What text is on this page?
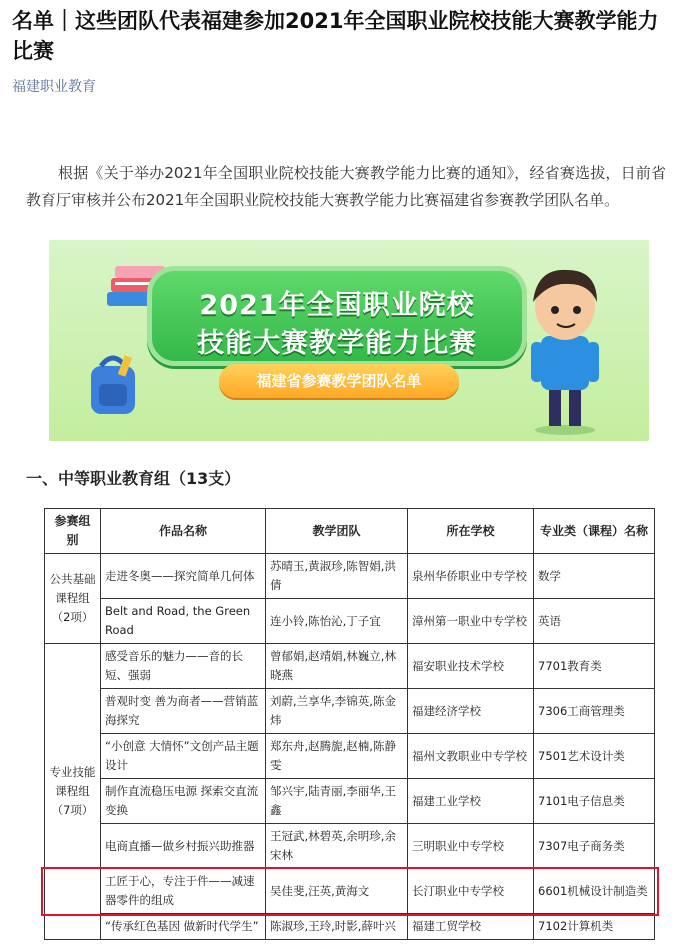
名单｜这些团队代表福建参加2021年全国职业院校技能大赛教学能力比赛
福建职业教育

根据《关于举办2021年全国职业院校技能大赛教学能力比赛的通知》，经省赛选拔，日前省教育厅审核并公布2021年全国职业院校技能大赛教学能力比赛福建省参赛教学团队名单。

2021年全国职业院校
技能大赛教学能力比赛
福建省参赛教学团队名单
一、中等职业教育组（13支）
参赛组别	作品名称	教学团队	所在学校	专业类（课程）名称
公共基础课程组（2项）	走进冬奥——探究简单几何体	苏晴玉,黄淑珍,陈智娟,洪倩	泉州华侨职业中专学校	数学
	Belt and Road, the Green Road	连小铃,陈怡沁,丁子宜	漳州第一职业中专学校	英语
专业技能课程组（7项）	感受音乐的魅力——音的长短、强弱	曾郁娟,赵靖娟,林巍立,林晓燕	福安职业技术学校	7701教育类
	普观时变 善为商者——营销蓝海探究	刘蔚,兰享华,李锦英,陈金炜	福建经济学校	7306工商管理类
	“小创意 大情怀”文创产品主题设计	郑东舟,赵腾旎,赵楠,陈静雯	福州文教职业中专学校	7501艺术设计类
	制作直流稳压电源 探索交直流变换	邹兴宇,陆青丽,李丽华,王鑫	福建工业学校	7101电子信息类
	电商直播—做乡村振兴助推器	王冠武,林碧英,余明珍,余宋林	三明职业中专学校	7307电子商务类
	工匠于心，专注于件——减速器零件的组成	吴佳斐,汪英,黄海文	长汀职业中专学校	6601机械设计制造类
	“传承红色基因 做新时代学生”	陈淑珍,王玲,时影,薛叶兴	福建工贸学校	7102计算机类
